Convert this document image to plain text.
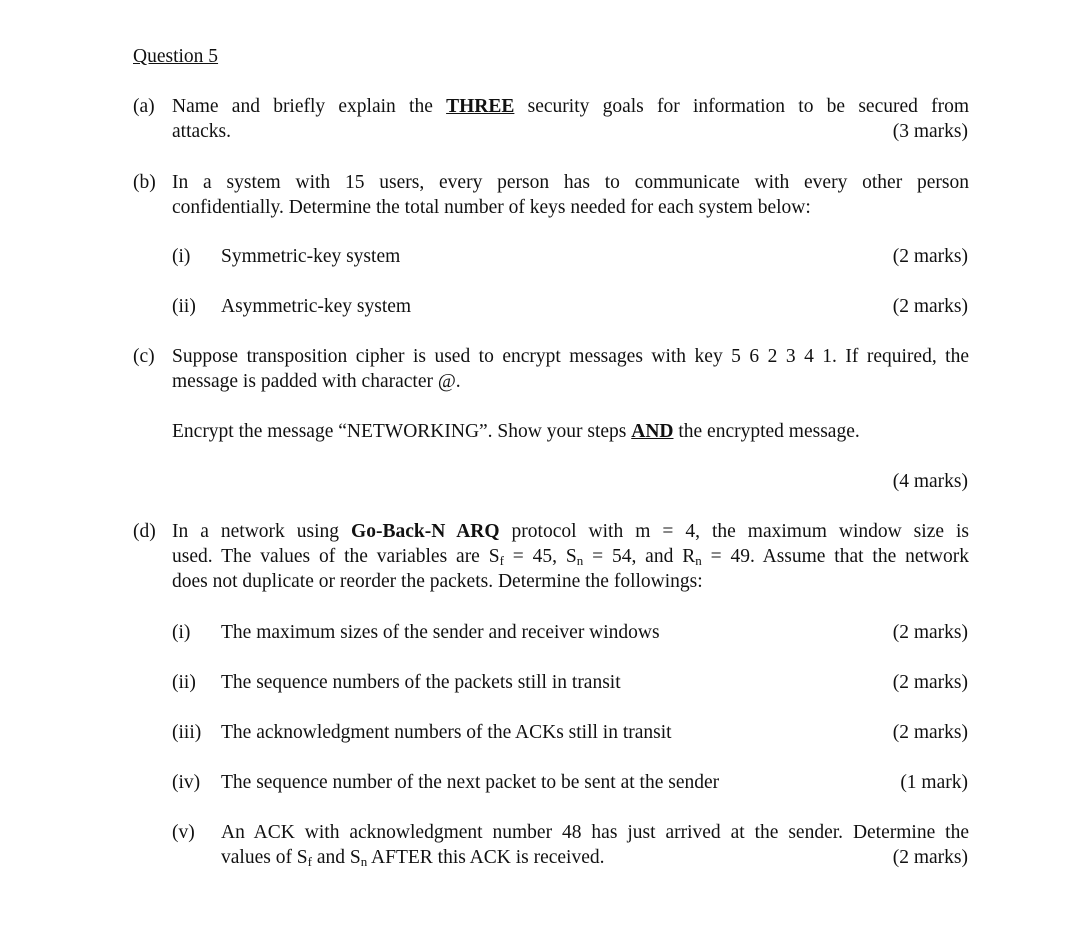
Question 5
(a) Name and briefly explain the THREE security goals for information to be secured from
attacks.	(3 marks)
(b) In a system with 15 users, every person has to communicate with every other person
confidentially. Determine the total number of keys needed for each system below:
(i) Symmetric-key system	(2 marks)
(ii) Asymmetric-key system	(2 marks)
(c) Suppose transposition cipher is used to encrypt messages with key 5 6 2 3 4 1. If required, the
message is padded with character @.
Encrypt the message “NETWORKING”. Show your steps AND the encrypted message.
(4 marks)
(d) In a network using Go-Back-N ARQ protocol with m = 4, the maximum window size is
used. The values of the variables are $S_f = 45$, $S_n = 54$, and $R_n = 49$. Assume that the network
does not duplicate or reorder the packets. Determine the followings:
(i) The maximum sizes of the sender and receiver windows	(2 marks)
(ii) The sequence numbers of the packets still in transit	(2 marks)
(iii) The acknowledgment numbers of the ACKs still in transit	(2 marks)
(iv) The sequence number of the next packet to be sent at the sender	(1 mark)
(v) An ACK with acknowledgment number 48 has just arrived at the sender. Determine the
values of $S_f$ and $S_n$ AFTER this ACK is received.	(2 marks)
